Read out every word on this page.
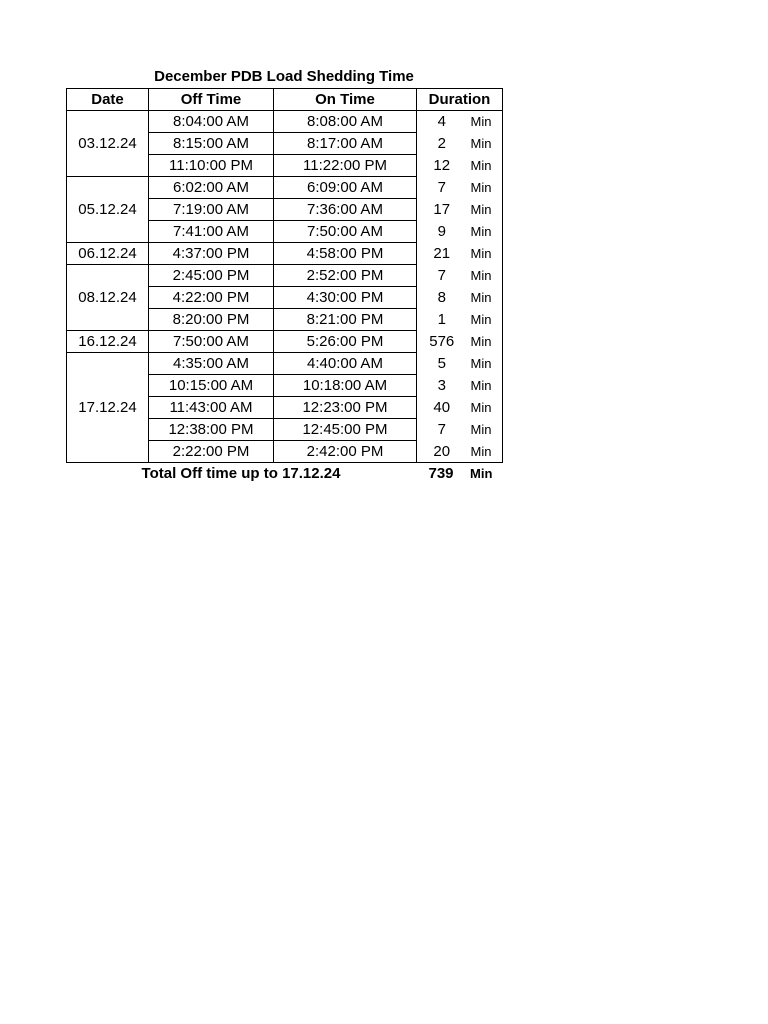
December PDB Load Shedding Time
Date	Off Time	On Time	Duration	
03.12.24	8:04:00 AM	8:08:00 AM	4	Min
	8:15:00 AM	8:17:00 AM	2	Min
	11:10:00 PM	11:22:00 PM	12	Min
05.12.24	6:02:00 AM	6:09:00 AM	7	Min
	7:19:00 AM	7:36:00 AM	17	Min
	7:41:00 AM	7:50:00 AM	9	Min
06.12.24	4:37:00 PM	4:58:00 PM	21	Min
08.12.24	2:45:00 PM	2:52:00 PM	7	Min
	4:22:00 PM	4:30:00 PM	8	Min
	8:20:00 PM	8:21:00 PM	1	Min
16.12.24	7:50:00 AM	5:26:00 PM	576	Min
17.12.24	4:35:00 AM	4:40:00 AM	5	Min
	10:15:00 AM	10:18:00 AM	3	Min
	11:43:00 AM	12:23:00 PM	40	Min
	12:38:00 PM	12:45:00 PM	7	Min
	2:22:00 PM	2:42:00 PM	20	Min
Total Off time up to 17.12.24	739	Min
